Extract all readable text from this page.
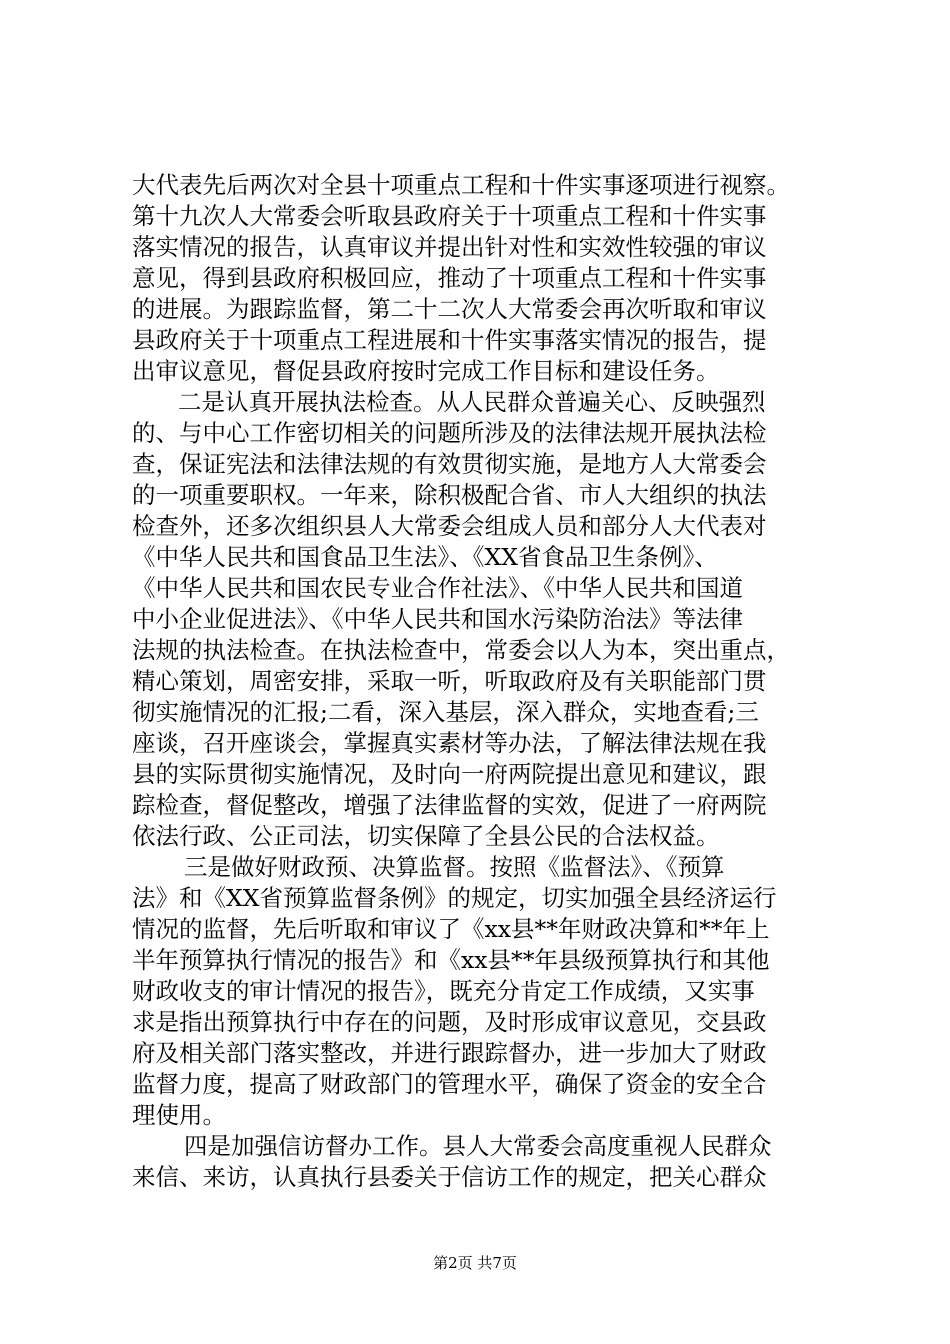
大代表先后两次对全县十项重点工程和十件实事逐项进行视察。
第十九次人大常委会听取县政府关于十项重点工程和十件实事
落实情况的报告，认真审议并提出针对性和实效性较强的审议
意见，得到县政府积极回应，推动了十项重点工程和十件实事
的进展。为跟踪监督，第二十二次人大常委会再次听取和审议
县政府关于十项重点工程进展和十件实事落实情况的报告，提
出审议意见，督促县政府按时完成工作目标和建设任务。
二是认真开展执法检查。从人民群众普遍关心、反映强烈
的、与中心工作密切相关的问题所涉及的法律法规开展执法检
查，保证宪法和法律法规的有效贯彻实施，是地方人大常委会
的一项重要职权。一年来，除积极配合省、市人大组织的执法
检查外，还多次组织县人大常委会组成人员和部分人大代表对
《中华人民共和国食品卫生法》、《XX省食品卫生条例》、
《中华人民共和国农民专业合作社法》、《中华人民共和国道
中小企业促进法》、《中华人民共和国水污染防治法》等法律
法规的执法检查。在执法检查中，常委会以人为本，突出重点，
精心策划，周密安排，采取一听，听取政府及有关职能部门贯
彻实施情况的汇报;二看，深入基层，深入群众，实地查看;三
座谈，召开座谈会，掌握真实素材等办法，了解法律法规在我
县的实际贯彻实施情况，及时向一府两院提出意见和建议，跟
踪检查，督促整改，增强了法律监督的实效，促进了一府两院
依法行政、公正司法，切实保障了全县公民的合法权益。
三是做好财政预、决算监督。按照《监督法》、《预算
法》和《XX省预算监督条例》的规定，切实加强全县经济运行
情况的监督，先后听取和审议了《xx县**年财政决算和**年上
半年预算执行情况的报告》和《xx县**年县级预算执行和其他
财政收支的审计情况的报告》，既充分肯定工作成绩，又实事
求是指出预算执行中存在的问题，及时形成审议意见，交县政
府及相关部门落实整改，并进行跟踪督办，进一步加大了财政
监督力度，提高了财政部门的管理水平，确保了资金的安全合
理使用。
四是加强信访督办工作。县人大常委会高度重视人民群众
来信、来访，认真执行县委关于信访工作的规定，把关心群众
第2页 共7页
